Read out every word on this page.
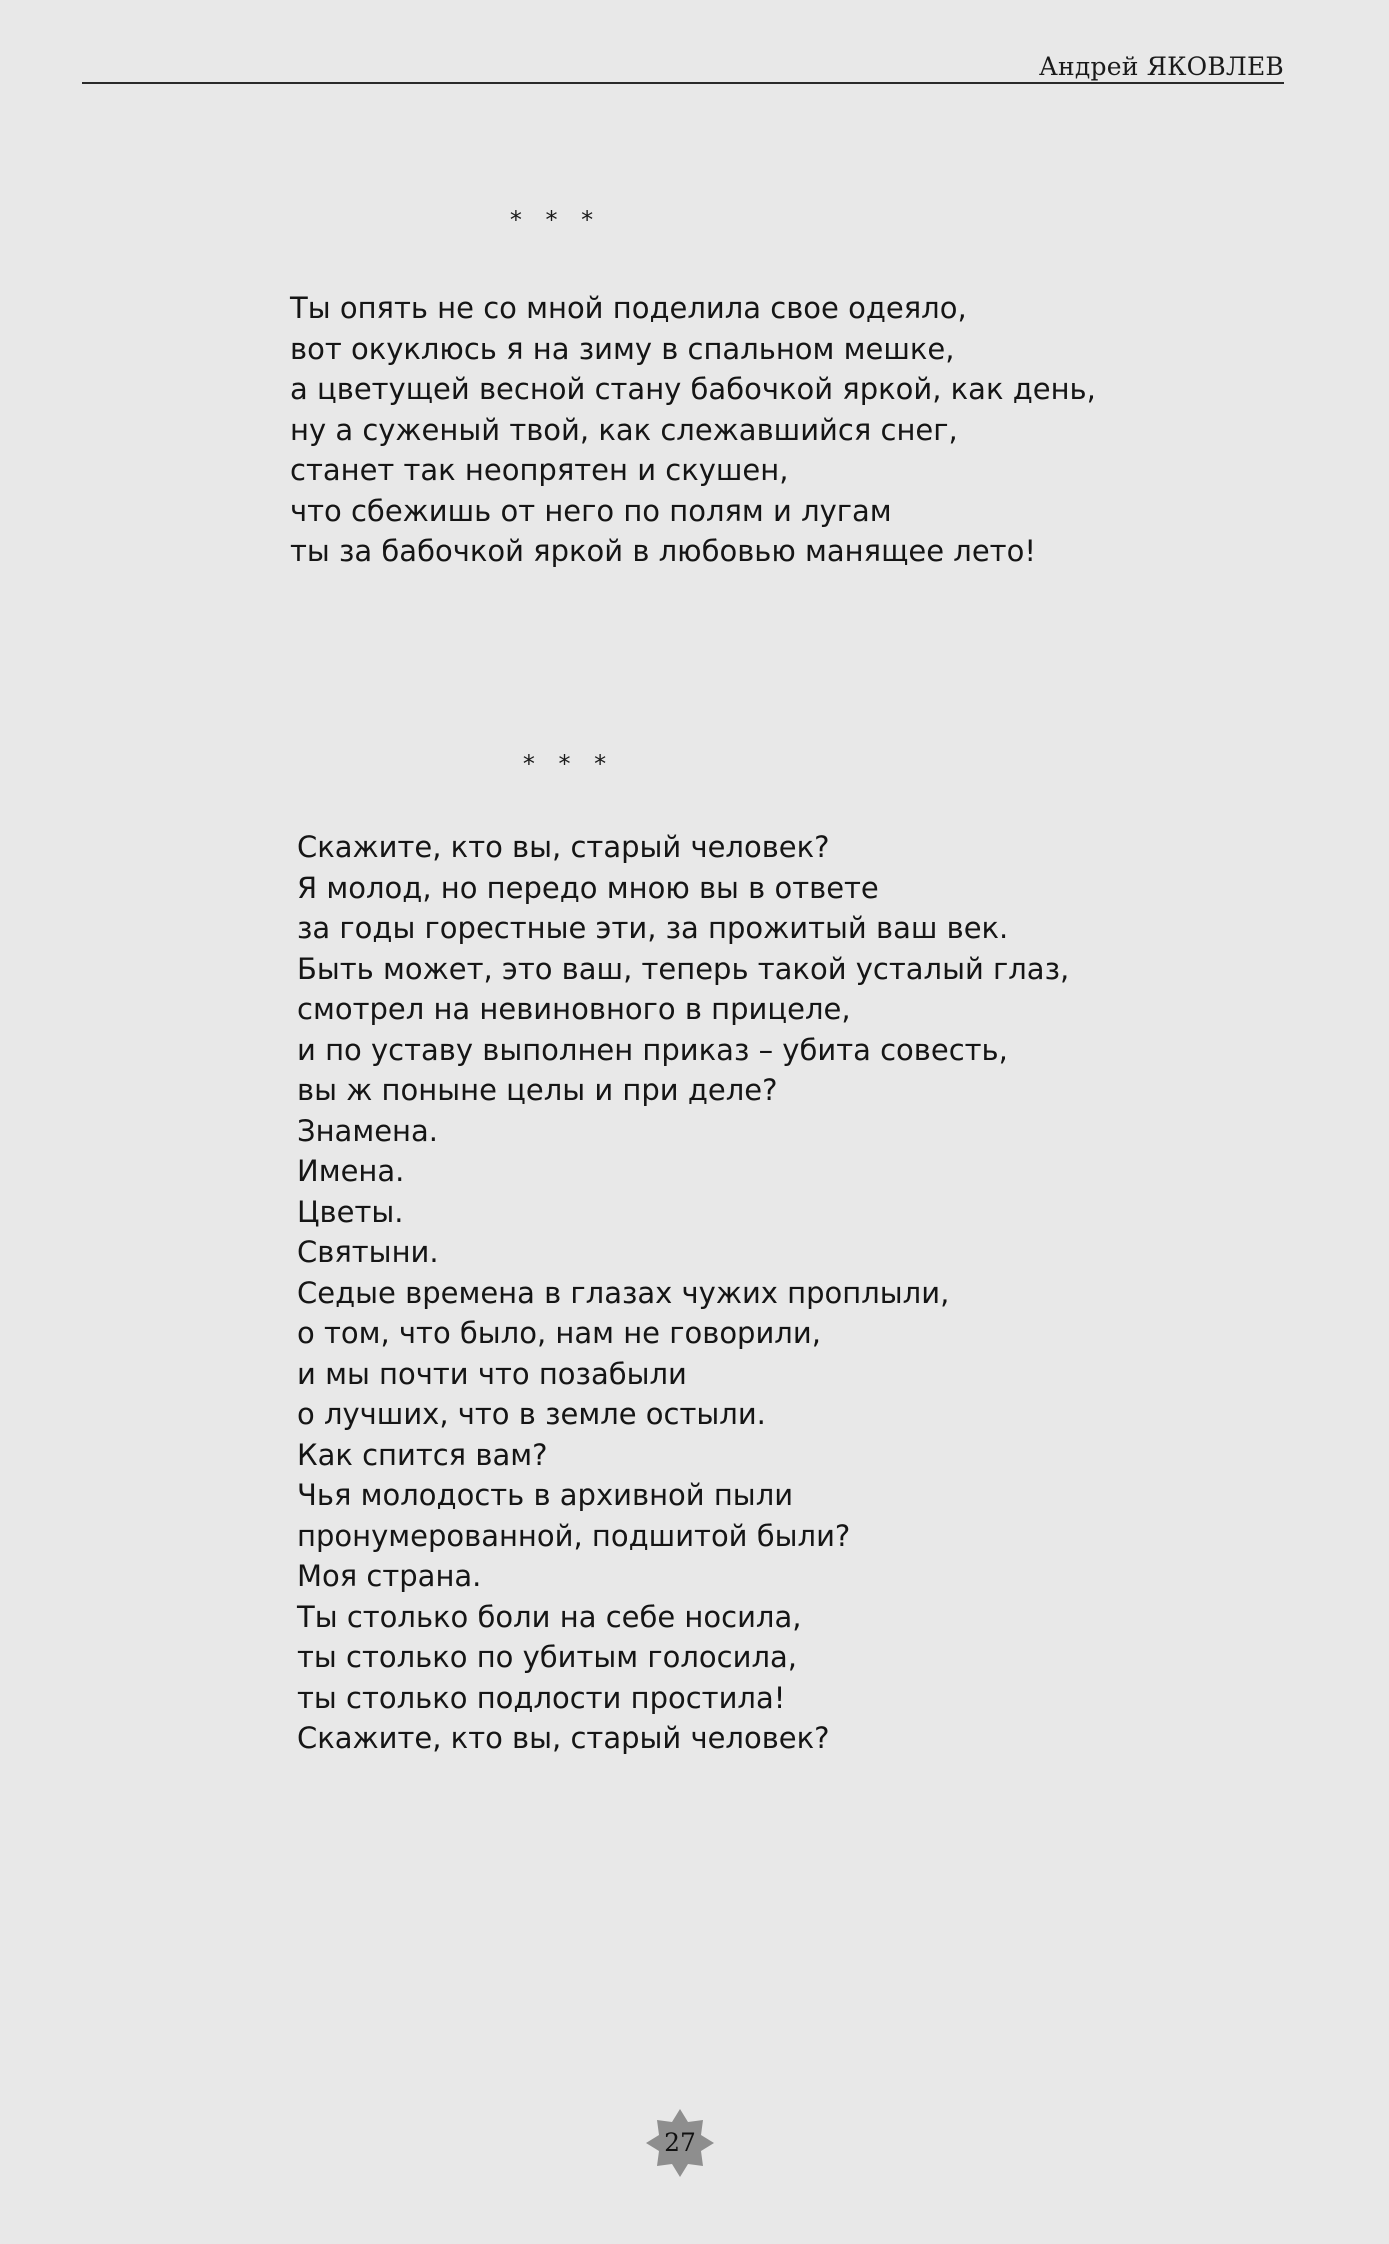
Андрей ЯКОВЛЕВ
* * *
Ты опять не со мной поделила свое одеяло,
вот окуклюсь я на зиму в спальном мешке,
а цветущей весной стану бабочкой яркой, как день,
ну а суженый твой, как слежавшийся снег,
станет так неопрятен и скушен,
что сбежишь от него по полям и лугам
ты за бабочкой яркой в любовью манящее лето!
* * *
Скажите, кто вы, старый человек?
Я молод, но передо мною вы в ответе
за годы горестные эти, за прожитый ваш век.
Быть может, это ваш, теперь такой усталый глаз,
смотрел на невиновного в прицеле,
и по уставу выполнен приказ – убита совесть,
вы ж поныне целы и при деле?
Знамена.
Имена.
Цветы.
Святыни.
Седые времена в глазах чужих проплыли,
о том, что было, нам не говорили,
и мы почти что позабыли
о лучших, что в земле остыли.
Как спится вам?
Чья молодость в архивной пыли
пронумерованной, подшитой были?
Моя страна.
Ты столько боли на себе носила,
ты столько по убитым голосила,
ты столько подлости простила!
Скажите, кто вы, старый человек?
27
